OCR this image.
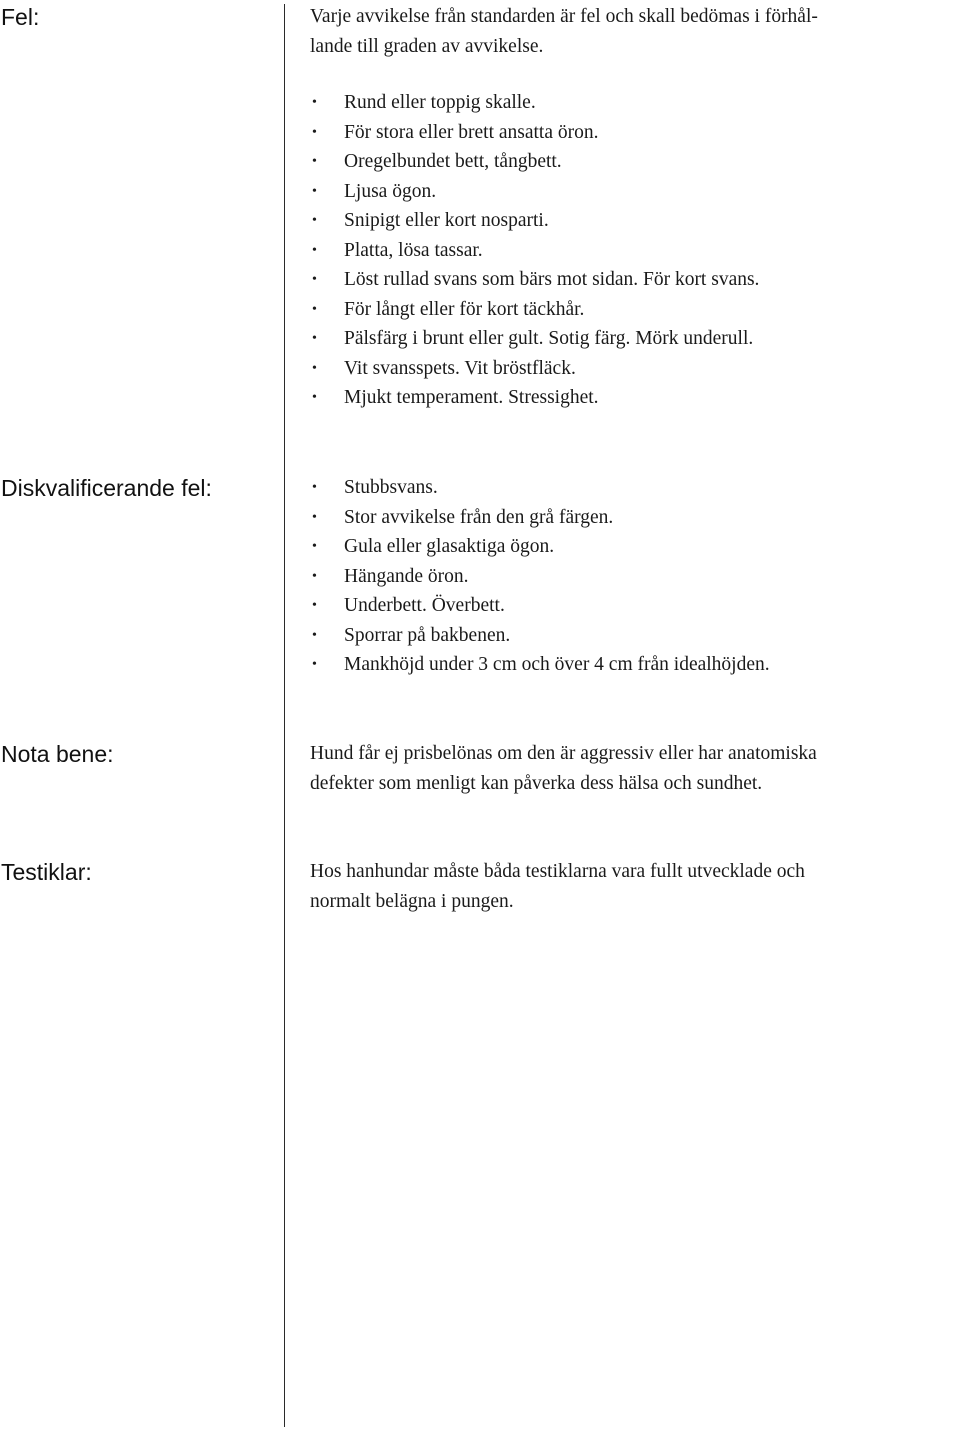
Fel:	Varje avvikelse från standarden är fel och skall bedömas i förhål-
lande till graden av avvikelse.
• Rund eller toppig skalle.
• För stora eller brett ansatta öron.
• Oregelbundet bett, tångbett.
• Ljusa ögon.
• Snipigt eller kort nosparti.
• Platta, lösa tassar.
• Löst rullad svans som bärs mot sidan. För kort svans.
• För långt eller för kort täckhår.
• Pälsfärg i brunt eller gult. Sotig färg. Mörk underull.
• Vit svansspets. Vit bröstfläck.
• Mjukt temperament. Stressighet.
Diskvalificerande fel:	• Stubbsvans.
• Stor avvikelse från den grå färgen.
• Gula eller glasaktiga ögon.
• Hängande öron.
• Underbett. Överbett.
• Sporrar på bakbenen.
• Mankhöjd under 3 cm och över 4 cm från idealhöjden.
Nota bene:	Hund får ej prisbelönas om den är aggressiv eller har anatomiska
defekter som menligt kan påverka dess hälsa och sundhet.
Testiklar:	Hos hanhundar måste båda testiklarna vara fullt utvecklade och
normalt belägna i pungen.
